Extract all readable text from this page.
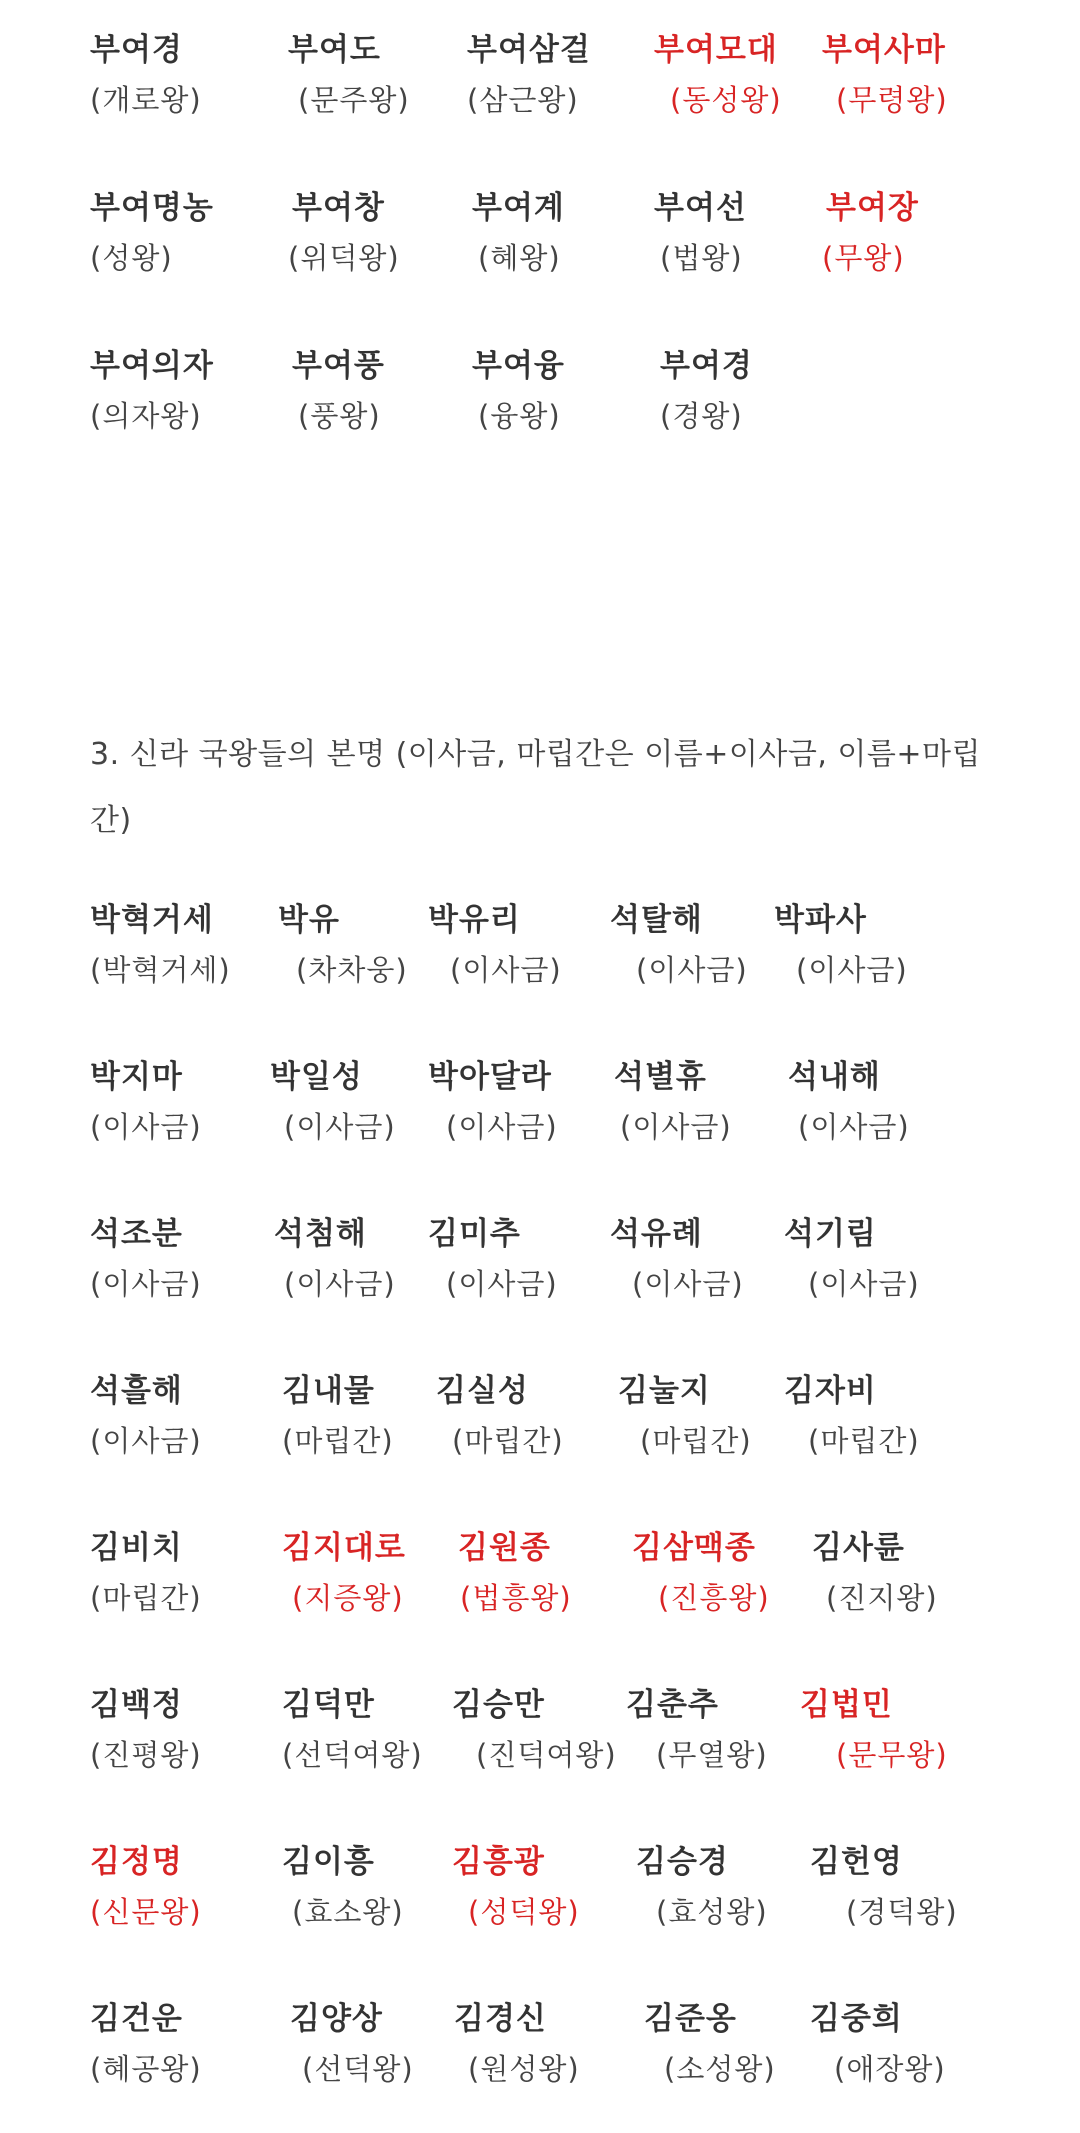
부여경
(개로왕)
부여도
(문주왕)
부여삼걸
(삼근왕)
부여모대
(동성왕)
부여사마
(무령왕)
부여명농
(성왕)
부여창
(위덕왕)
부여계
(혜왕)
부여선
(법왕)
부여장
(무왕)
부여의자
(의자왕)
부여풍
(풍왕)
부여융
(융왕)
부여경
(경왕)
3. 신라 국왕들의 본명 (이사금, 마립간은 이름+이사금, 이름+마립간)
박혁거세
(박혁거세)
박유
(차차웅)
박유리
(이사금)
석탈해
(이사금)
박파사
(이사금)
박지마
(이사금)
박일성
(이사금)
박아달라
(이사금)
석별휴
(이사금)
석내해
(이사금)
석조분
(이사금)
석첨해
(이사금)
김미추
(이사금)
석유례
(이사금)
석기림
(이사금)
석흘해
(이사금)
김내물
(마립간)
김실성
(마립간)
김눌지
(마립간)
김자비
(마립간)
김비치
(마립간)
김지대로
(지증왕)
김원종
(법흥왕)
김삼맥종
(진흥왕)
김사륜
(진지왕)
김백정
(진평왕)
김덕만
(선덕여왕)
김승만
(진덕여왕)
김춘추
(무열왕)
김법민
(문무왕)
김정명
(신문왕)
김이흥
(효소왕)
김흥광
(성덕왕)
김승경
(효성왕)
김헌영
(경덕왕)
김건운
(혜공왕)
김양상
(선덕왕)
김경신
(원성왕)
김준옹
(소성왕)
김중희
(애장왕)
